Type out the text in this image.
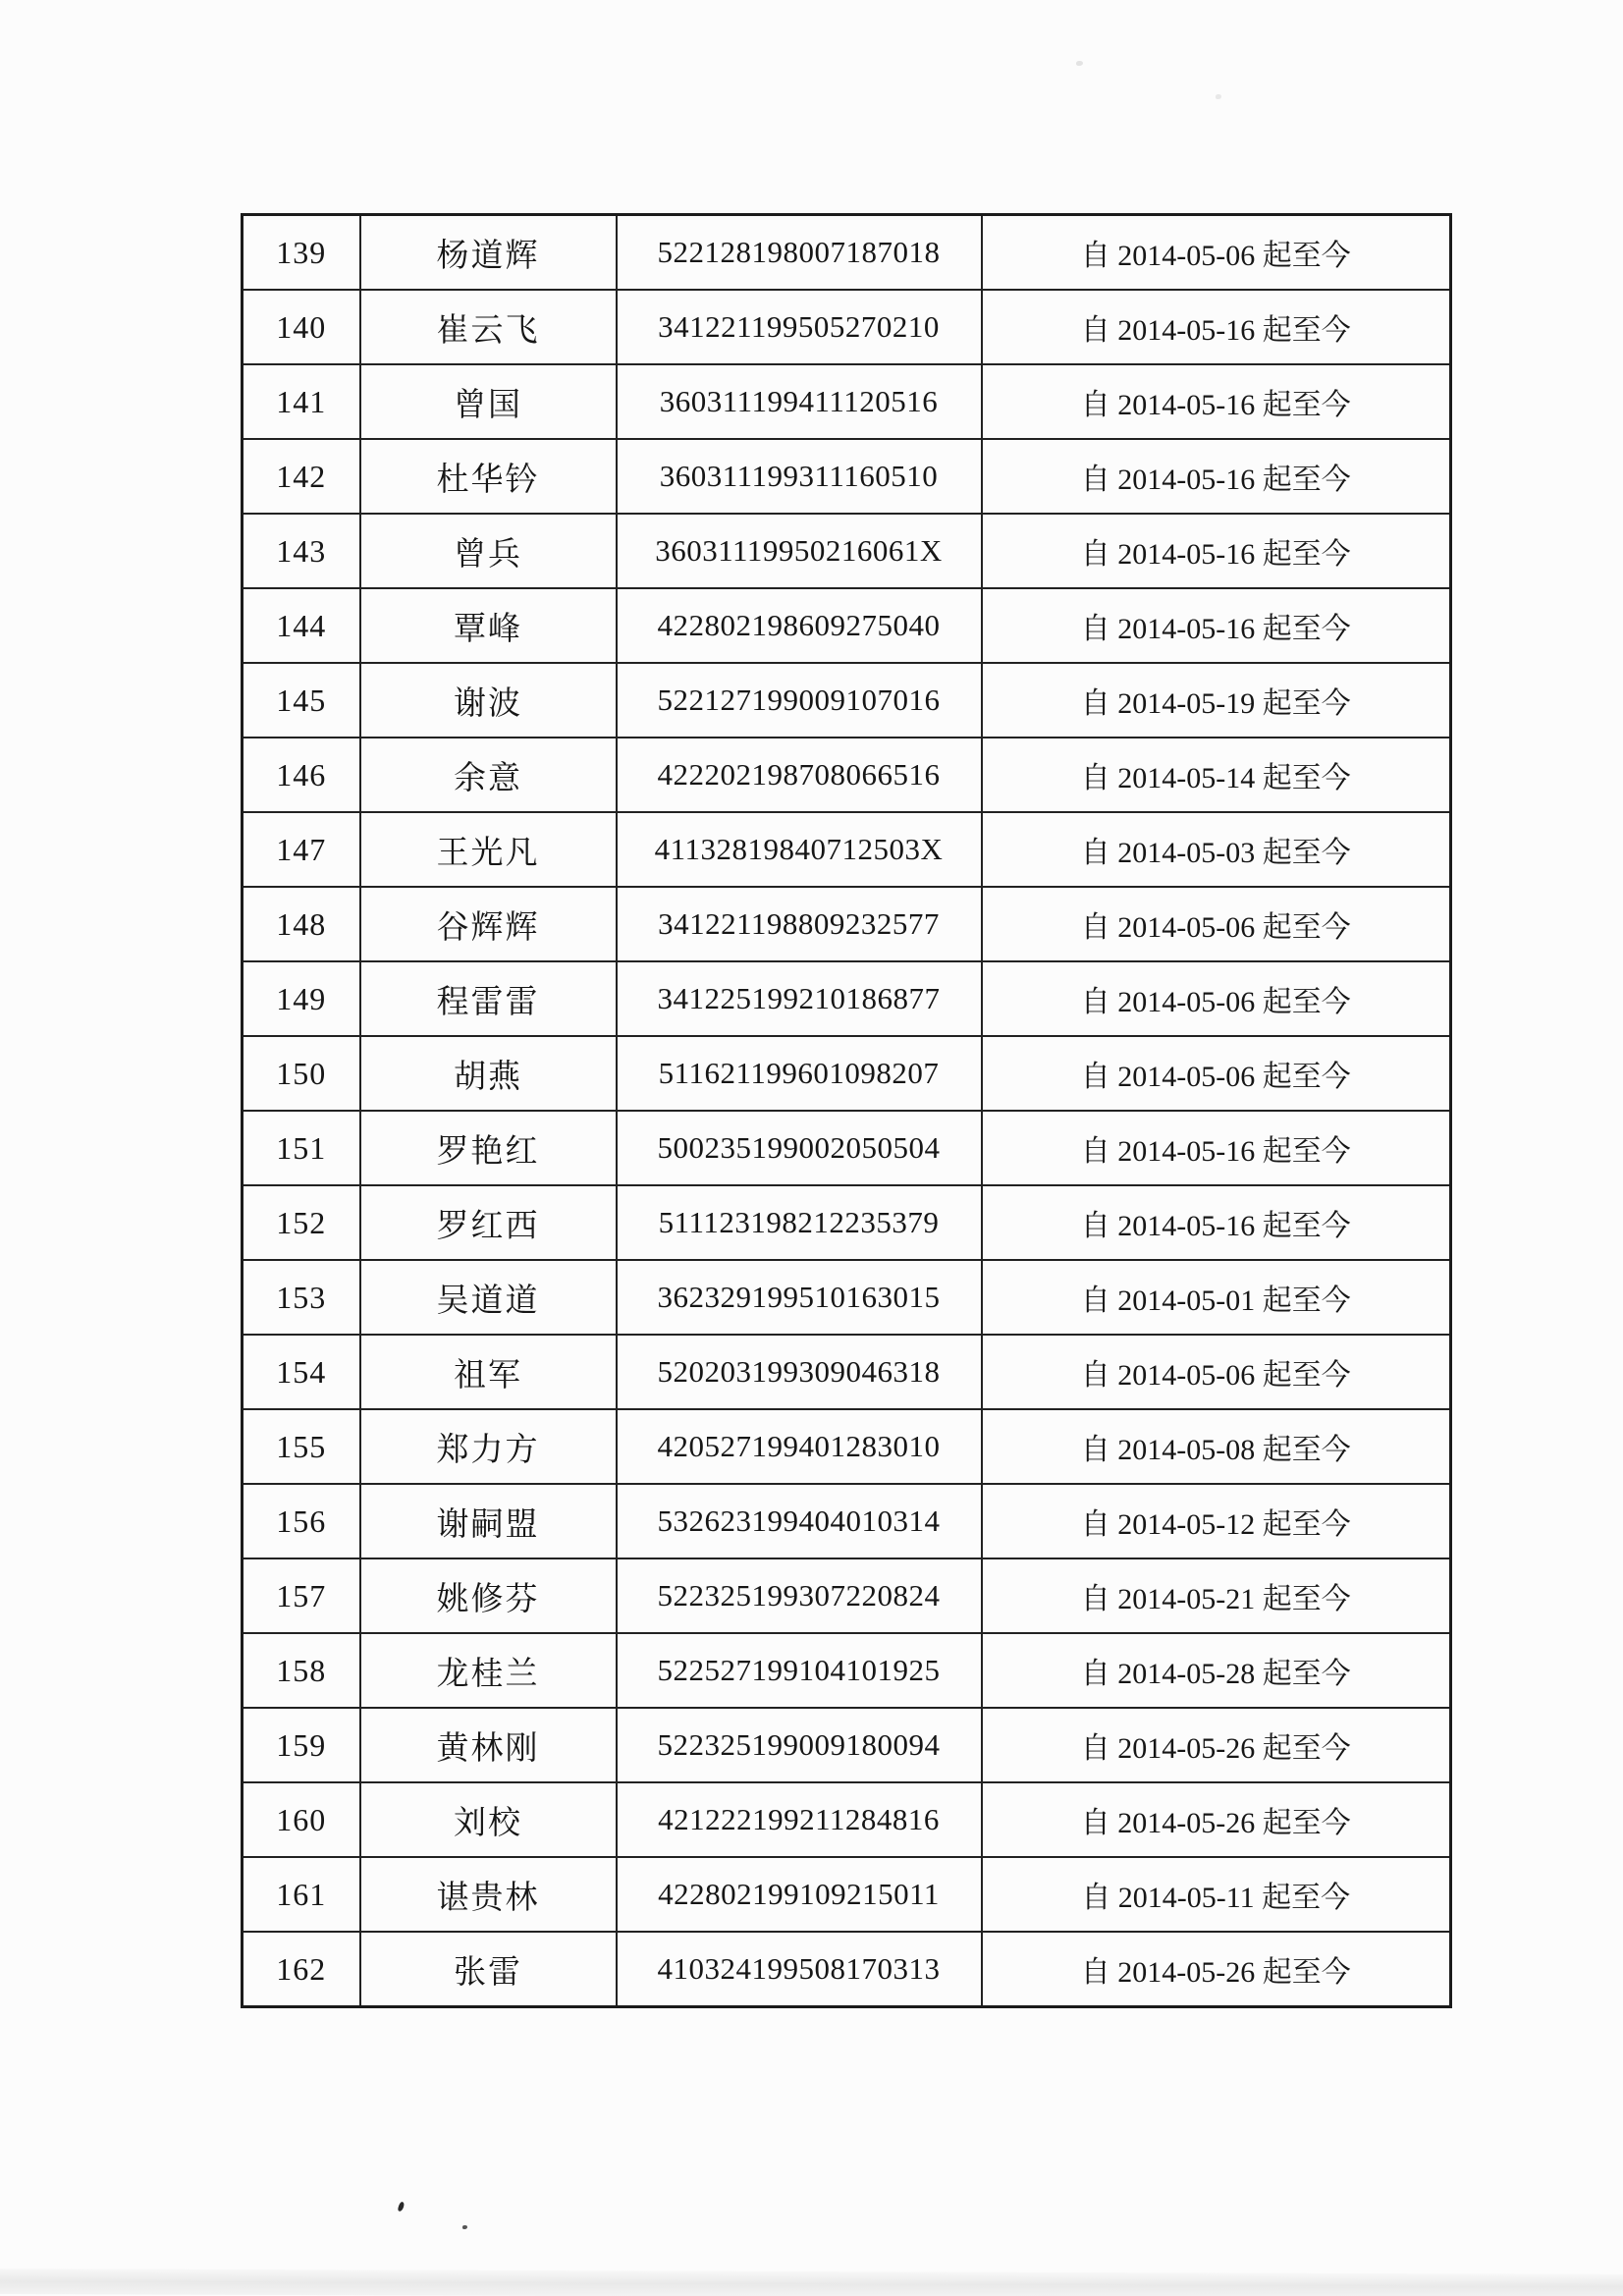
139	杨道辉	522128198007187018	自 2014-05-06 起至今
140	崔云飞	341221199505270210	自 2014-05-16 起至今
141	曾国	360311199411120516	自 2014-05-16 起至今
142	杜华钤	360311199311160510	自 2014-05-16 起至今
143	曾兵	36031119950216061X	自 2014-05-16 起至今
144	覃峰	422802198609275040	自 2014-05-16 起至今
145	谢波	522127199009107016	自 2014-05-19 起至今
146	余意	422202198708066516	自 2014-05-14 起至今
147	王光凡	41132819840712503X	自 2014-05-03 起至今
148	谷辉辉	341221198809232577	自 2014-05-06 起至今
149	程雷雷	341225199210186877	自 2014-05-06 起至今
150	胡燕	511621199601098207	自 2014-05-06 起至今
151	罗艳红	500235199002050504	自 2014-05-16 起至今
152	罗红西	511123198212235379	自 2014-05-16 起至今
153	吴道道	362329199510163015	自 2014-05-01 起至今
154	祖军	520203199309046318	自 2014-05-06 起至今
155	郑力方	420527199401283010	自 2014-05-08 起至今
156	谢嗣盟	532623199404010314	自 2014-05-12 起至今
157	姚修芬	522325199307220824	自 2014-05-21 起至今
158	龙桂兰	522527199104101925	自 2014-05-28 起至今
159	黄林刚	522325199009180094	自 2014-05-26 起至今
160	刘校	421222199211284816	自 2014-05-26 起至今
161	谌贵林	422802199109215011	自 2014-05-11 起至今
162	张雷	410324199508170313	自 2014-05-26 起至今
